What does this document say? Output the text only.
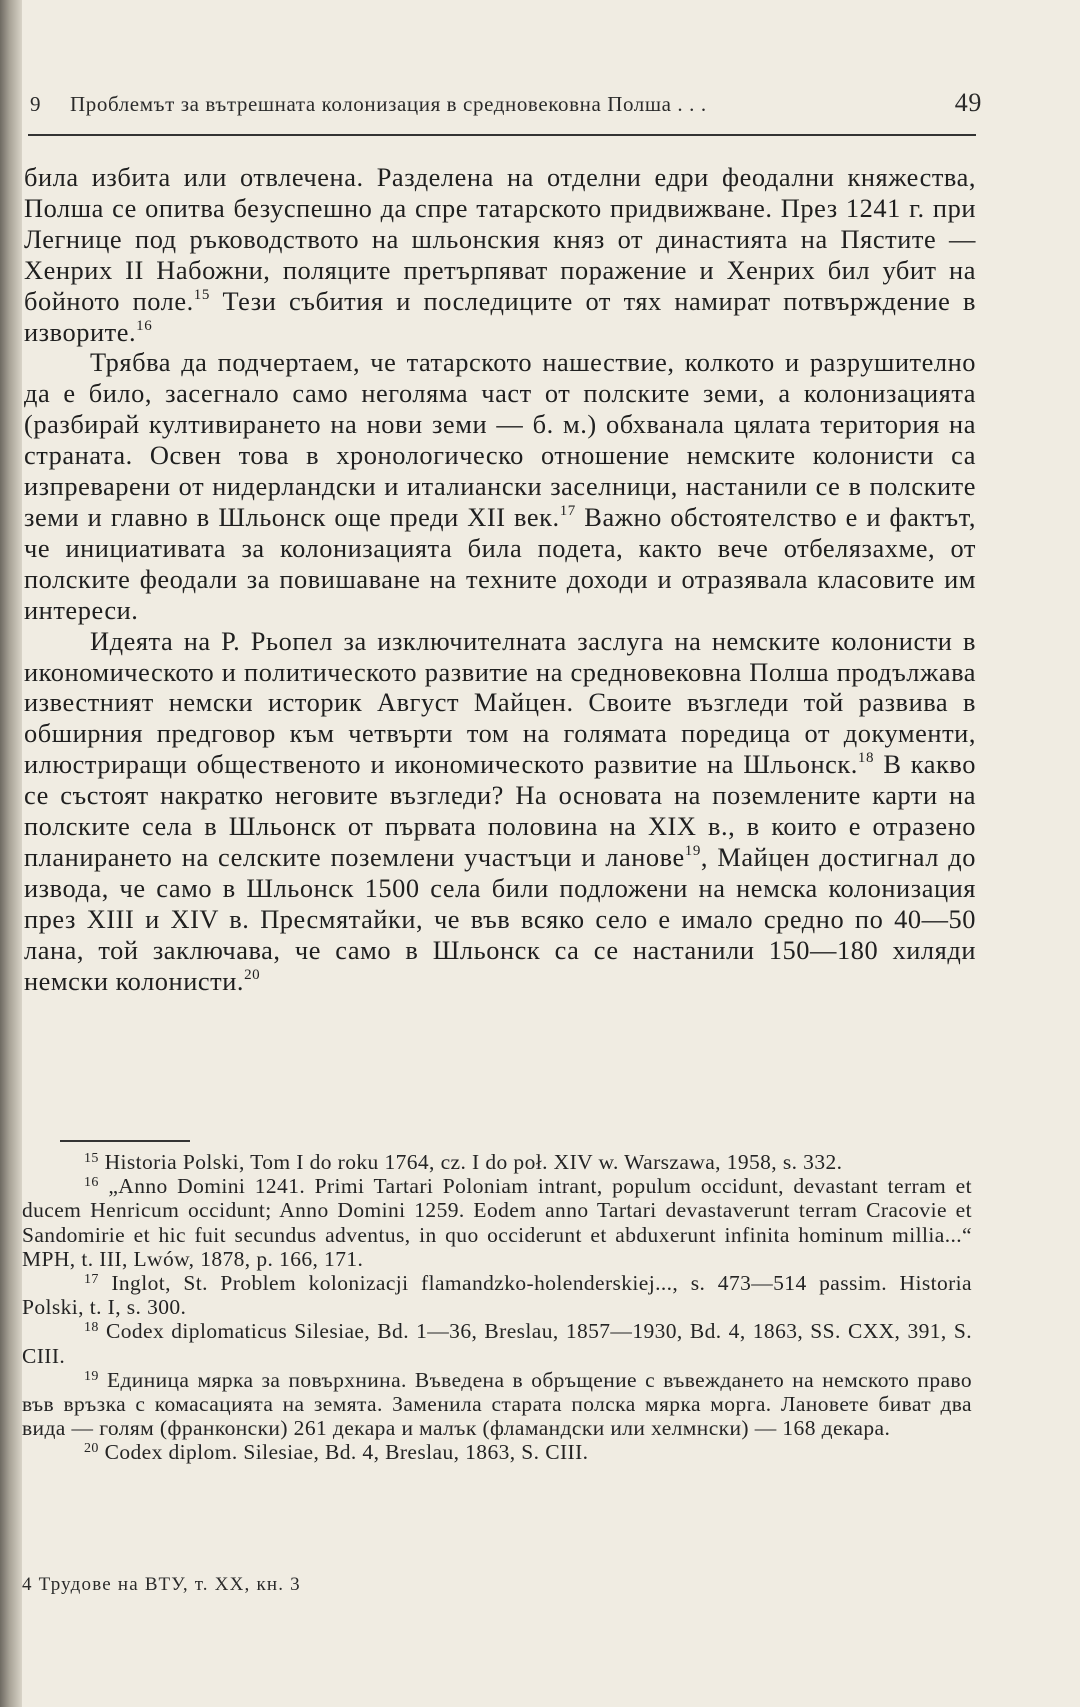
9	Проблемът за вътрешната колонизация в средновековна Полша . . .	49

била избита или отвлечена. Разделена на отделни едри феодални княжества, Полша се опитва безуспешно да спре татарското придвижване. През 1241 г. при Легнице под ръководството на шльонския княз от династията на Пястите — Хенрих II Набожни, поляците претърпяват поражение и Хенрих бил убит на бойното поле.$^{15}$ Тези събития и последиците от тях намират потвърждение в изворите.$^{16}$

Трябва да подчертаем, че татарското нашествие, колкото и разрушително да е било, засегнало само неголяма част от полските земи, а колонизацията (разбирай култивирането на нови земи — б. м.) обхванала цялата територия на страната. Освен това в хронологическо отношение немските колонисти са изпреварени от нидерландски и италиански заселници, настанили се в полските земи и главно в Шльонск още преди XII век.$^{17}$ Важно обстоятелство е и фактът, че инициативата за колонизацията била подета, както вече отбелязахме, от полските феодали за повишаване на техните доходи и отразявала класовите им интереси.

Идеята на Р. Рьопел за изключителната заслуга на немските колонисти в икономическото и политическото развитие на средновековна Полша продължава известният немски историк Август Майцен. Своите възгледи той развива в обширния предговор към четвърти том на голямата поредица от документи, илюстриращи общественото и икономическото развитие на Шльонск.$^{18}$ В какво се състоят накратко неговите възгледи? На основата на поземлените карти на полските села в Шльонск от първата половина на XIX в., в които е отразено планирането на селските поземлени участъци и ланове$^{19}$, Майцен достигнал до извода, че само в Шльонск 1500 села били подложени на немска колонизация през XIII и XIV в. Пресмятайки, че във всяко село е имало средно по 40—50 лана, той заключава, че само в Шльонск са се настанили 150—180 хиляди немски колонисти.$^{20}$

$^{15}$ Historia Polski, Tom I do roku 1764, cz. I do poł. XIV w. Warszawa, 1958, s. 332.

$^{16}$ „Anno Domini 1241. Primi Tartari Poloniam intrant, populum occidunt, devastant terram et ducem Henricum occidunt; Anno Domini 1259. Eodem anno Tartari devastaverunt terram Cracovie et Sandomirie et hic fuit secundus adventus, in quo occiderunt et abduxerunt infinita hominum millia...“ МРН, t. III, Lwów, 1878, p. 166, 171.

$^{17}$ Inglot, St. Problem kolonizacji flamandzko-holenderskiej..., s. 473—514 passim. Historia Polski, t. I, s. 300.

$^{18}$ Codex diplomaticus Silesiae, Bd. 1—36, Breslau, 1857—1930, Bd. 4, 1863, SS. CXX, 391, S. CIII.

$^{19}$ Единица мярка за повърхнина. Въведена в обръщение с въвеждането на немското право във връзка с комасацията на земята. Заменила старата полска мярка морга. Лановете биват два вида — голям (франконски) 261 декара и малък (фламандски или хелмнски) — 168 декара.

$^{20}$ Codex diplom. Silesiae, Bd. 4, Breslau, 1863, S. CIII.

4 Трудове на ВТУ, т. XX, кн. 3
